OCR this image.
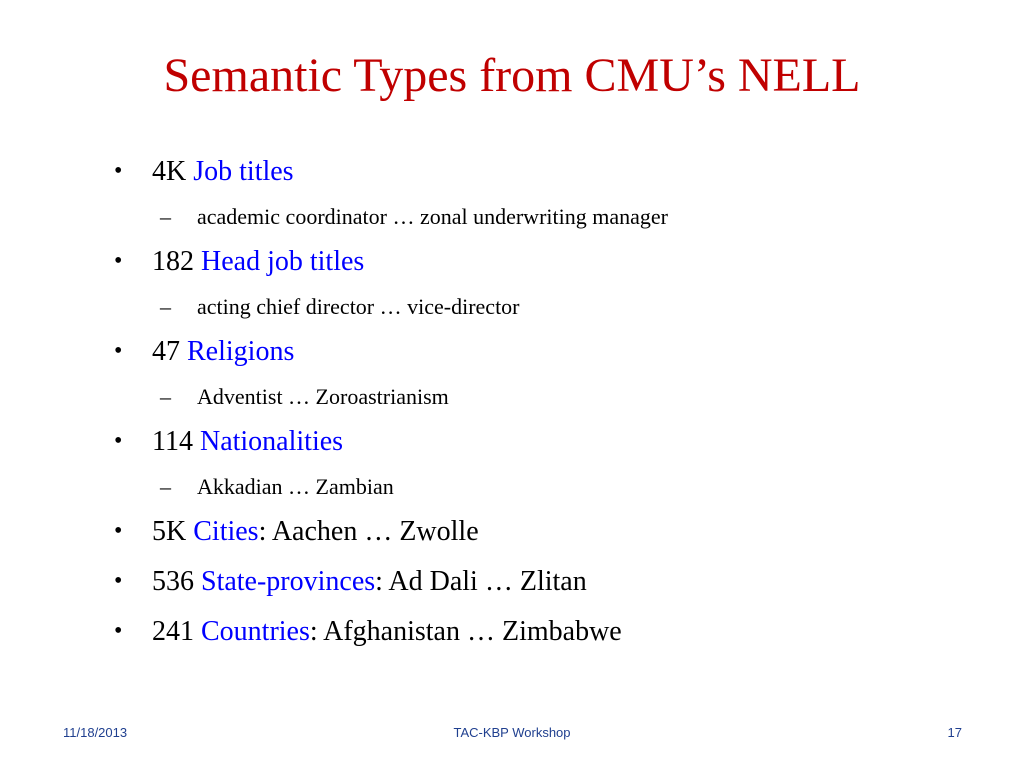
Semantic Types from CMU’s NELL
• 4K Job titles
– academic coordinator … zonal underwriting manager
• 182 Head job titles
– acting chief director … vice-director
• 47 Religions
– Adventist … Zoroastrianism
• 114 Nationalities
– Akkadian … Zambian
• 5K Cities: Aachen … Zwolle
• 536 State-provinces: Ad Dali … Zlitan
• 241 Countries: Afghanistan … Zimbabwe
11/18/2013	TAC-KBP Workshop	17
